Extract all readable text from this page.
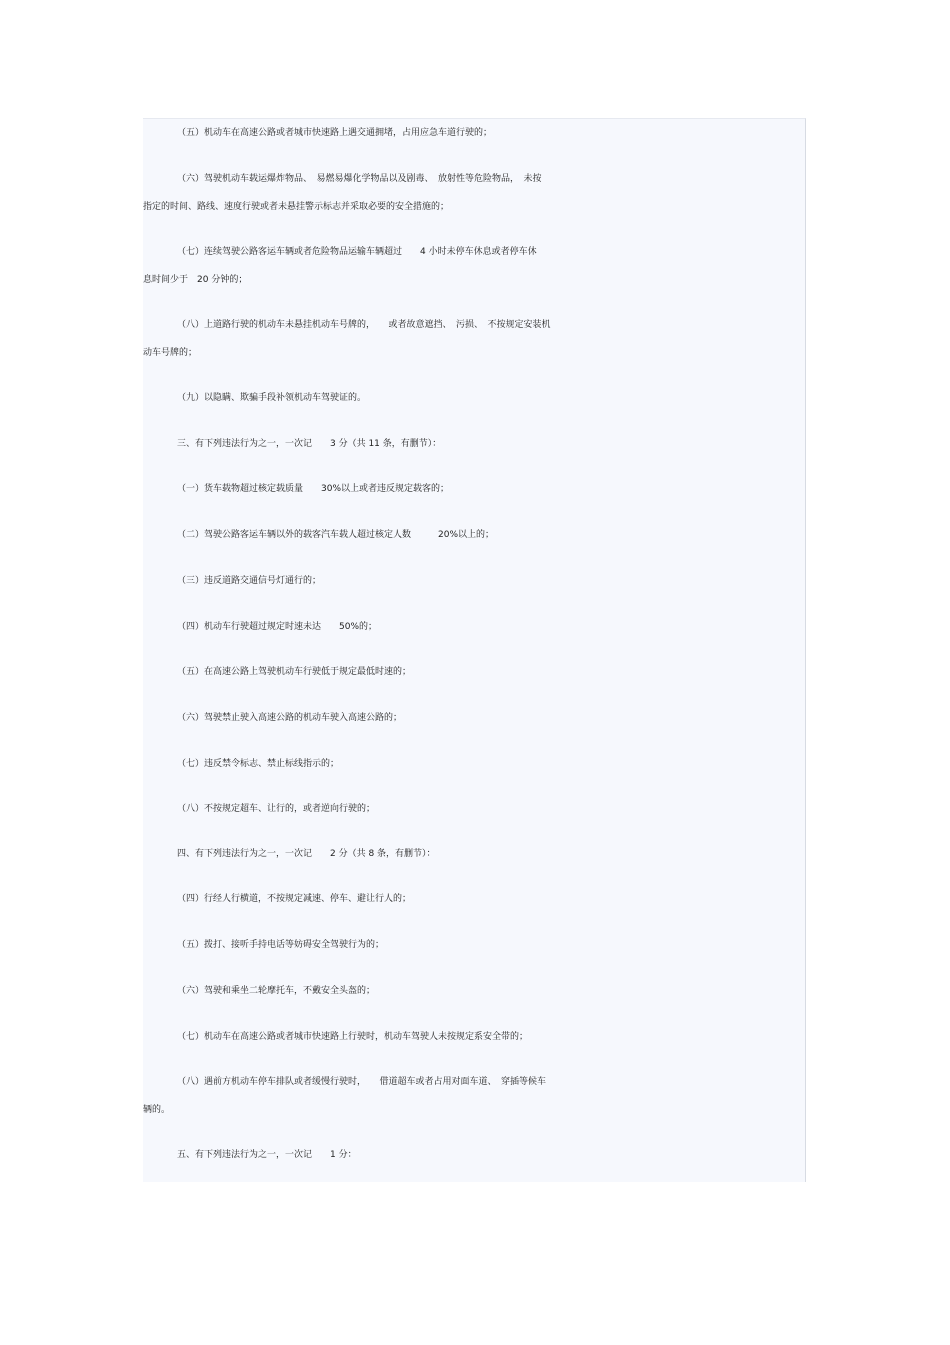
（五）机动车在高速公路或者城市快速路上遇交通拥堵，占用应急车道行驶的；
（六）驾驶机动车载运爆炸物品、　易燃易爆化学物品以及剧毒、　放射性等危险物品，　未按
指定的时间、路线、速度行驶或者未悬挂警示标志并采取必要的安全措施的；
（七）连续驾驶公路客运车辆或者危险物品运输车辆超过　　4 小时未停车休息或者停车休
息时间少于　20 分钟的；
（八）上道路行驶的机动车未悬挂机动车号牌的，　　或者故意遮挡、　污损、　不按规定安装机
动车号牌的；
（九）以隐瞒、欺骗手段补领机动车驾驶证的。
三、有下列违法行为之一，一次记　　3 分（共 11 条，有删节）：
（一）货车载物超过核定载质量　　30%以上或者违反规定载客的；
（二）驾驶公路客运车辆以外的载客汽车载人超过核定人数　　　20%以上的；
（三）违反道路交通信号灯通行的；
（四）机动车行驶超过规定时速未达　　50%的；
（五）在高速公路上驾驶机动车行驶低于规定最低时速的；
（六）驾驶禁止驶入高速公路的机动车驶入高速公路的；
（七）违反禁令标志、禁止标线指示的；
（八）不按规定超车、让行的，或者逆向行驶的；
四、有下列违法行为之一，一次记　　2 分（共 8 条，有删节）：
（四）行经人行横道，不按规定减速、停车、避让行人的；
（五）拨打、接听手持电话等妨碍安全驾驶行为的；
（六）驾驶和乘坐二轮摩托车，不戴安全头盔的；
（七）机动车在高速公路或者城市快速路上行驶时，机动车驾驶人未按规定系安全带的；
（八）遇前方机动车停车排队或者缓慢行驶时，　　借道超车或者占用对面车道、　穿插等候车
辆的。
五、有下列违法行为之一，一次记　　1 分：
